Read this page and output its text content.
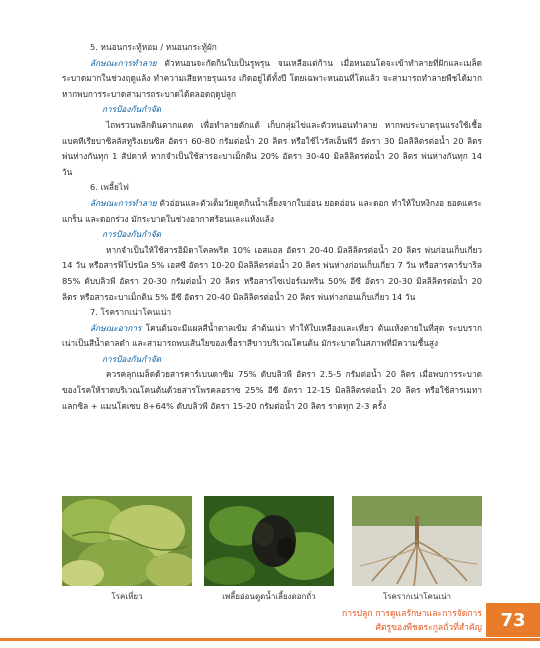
5. หนอนกระทู้หอม / หนอนกระทู้ผัก

ลักษณะการทำลาย ตัวหนอนจะกัดกินใบเป็นรูพรุน จนเหลือแต่ก้าน เมื่อหนอนโตจะเข้าทำลายที่ฝักและเมล็ด ระบาดมากในช่วงฤดูแล้ง ทำความเสียหายรุนแรง เกิดอยู่ได้ทั้งปี โดยเฉพาะหนอนที่โตแล้ว จะสามารถทำลายพืชได้มาก หากพบการระบาดสามารถระบาดได้ตลอดฤดูปลูก

การป้องกันกำจัด

ไถพรวนพลิกดินตากแดด เพื่อทำลายดักแด้ เก็บกลุ่มไข่และตัวหนอนทำลาย หากพบระบาดรุนแรงใช้เชื้อแบคทีเรียบาซิลลัสทูริงเยนซิส อัตรา 60-80 กรัมต่อน้ำ 20 ลิตร หรือใช้ไวรัสเอ็นพีวี อัตรา 30 มิลลิลิตรต่อน้ำ 20 ลิตร พ่นห่างกันทุก 1 สัปดาห์ หากจำเป็นใช้สารอะบาเม็กติน 20% อัตรา 30-40 มิลลิลิตรต่อน้ำ 20 ลิตร พ่นห่างกันทุก 14 วัน

6. เพลี้ยไฟ

ลักษณะการทำลาย ตัวอ่อนและตัวเต็มวัยดูดกินน้ำเลี้ยงจากใบอ่อน ยอดอ่อน และดอก ทำให้ใบหงิกงอ ยอดแคระแกร็น และดอกร่วง มักระบาดในช่วงอากาศร้อนและแห้งแล้ง

การป้องกันกำจัด

หากจำเป็นให้ใช้สารอิมิดาโคลพริด 10% เอสแอล อัตรา 20-40 มิลลิลิตรต่อน้ำ 20 ลิตร พ่นก่อนเก็บเกี่ยว 14 วัน หรือสารฟิโปรนิล 5% เอสซี อัตรา 10-20 มิลลิลิตรต่อน้ำ 20 ลิตร พ่นห่างก่อนเก็บเกี่ยว 7 วัน หรือสารคาร์บาริล 85% ดับบลิวพี อัตรา 20-30 กรัมต่อน้ำ 20 ลิตร หรือสารไซเปอร์เมทริน 50% อีซี อัตรา 20-30 มิลลิลิตรต่อน้ำ 20 ลิตร หรือสารอะบาเม็กติน 5% อีซี อัตรา 20-40 มิลลิลิตรต่อน้ำ 20 ลิตร พ่นห่างก่อนเก็บเกี่ยว 14 วัน

7. โรครากเน่าโคนเน่า

ลักษณะอาการ โคนต้นจะมีแผลสีน้ำตาลเข้ม ลำต้นเน่า ทำให้ใบเหลืองและเหี่ยว ต้นแห้งตายในที่สุด ระบบรากเน่าเป็นสีน้ำตาลดำ และสามารถพบเส้นใยของเชื้อราสีขาวบริเวณโคนต้น มักระบาดในสภาพที่มีความชื้นสูง

การป้องกันกำจัด

ควรคลุกเมล็ดด้วยสารคาร์เบนดาซิม 75% ดับบลิวพี อัตรา 2.5-5 กรัมต่อน้ำ 20 ลิตร เมื่อพบการระบาดของโรคให้ราดบริเวณโคนต้นด้วยสารโพรคลอราซ 25% อีซี อัตรา 12-15 มิลลิลิตรต่อน้ำ 20 ลิตร หรือใช้สารเมทาแลกซิล + แมนโคเซบ 8+64% ดับบลิวพี อัตรา 15-20 กรัมต่อน้ำ 20 ลิตร ราดทุก 2-3 ครั้ง

โรคเหี่ยว	เพลี้ยอ่อนดูดน้ำเลี้ยงดอกถั่ว	โรครากเน่าโคนเน่า
การปลูก การดูแลรักษาและการจัดการ
ศัตรูของพืชตระกูลถั่วที่สำคัญ	73
